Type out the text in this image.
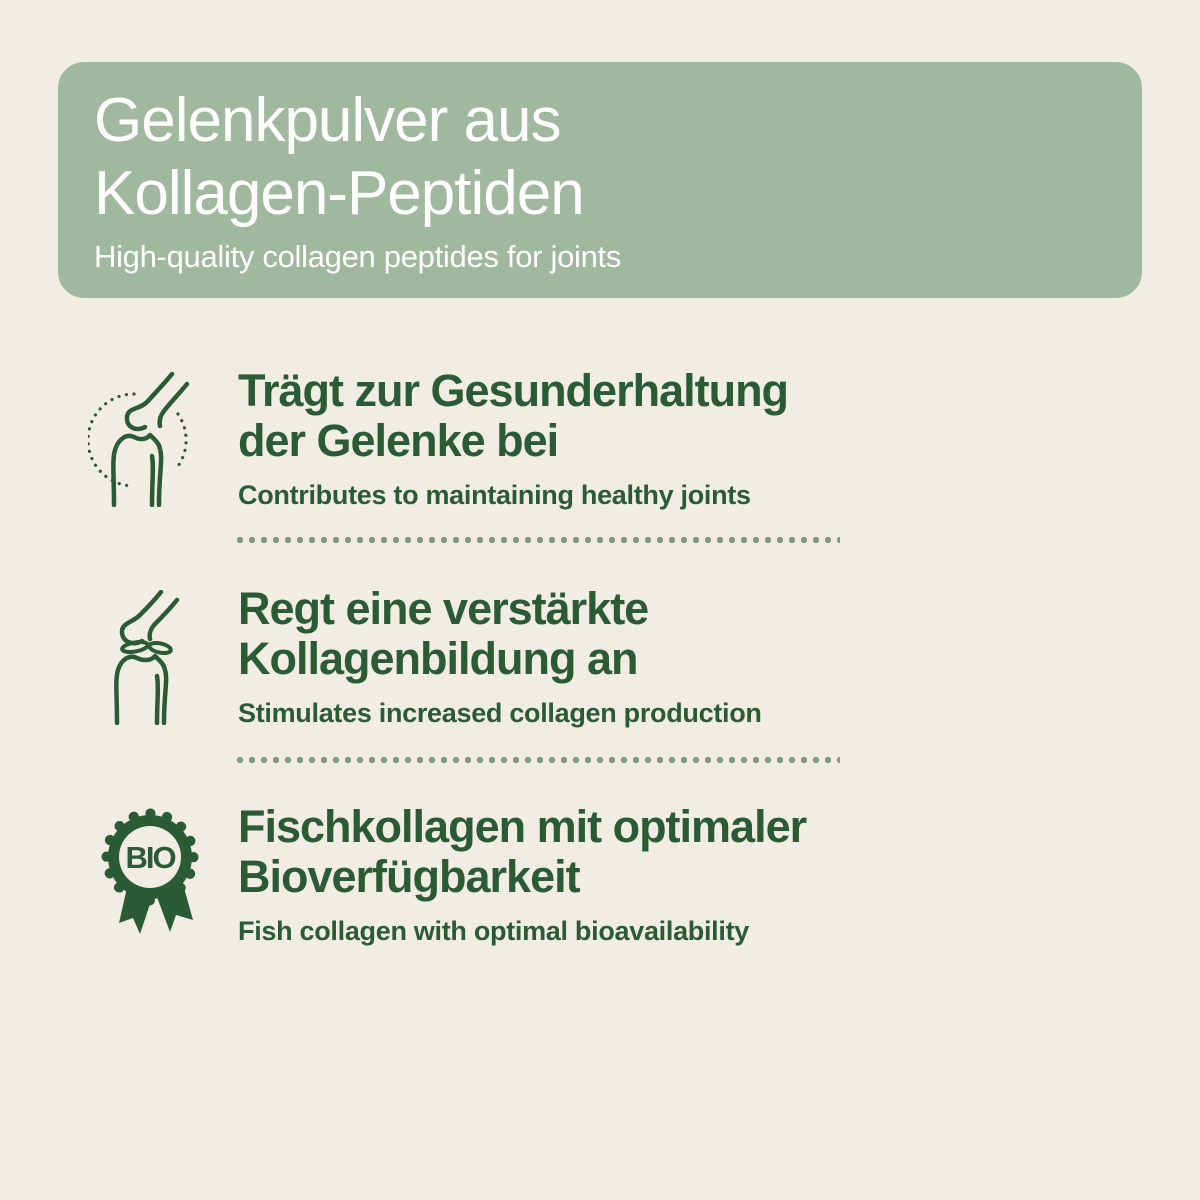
Gelenkpulver aus
Kollagen-Peptiden
High-quality collagen peptides for joints
Trägt zur Gesunderhaltung
der Gelenke bei
Contributes to maintaining healthy joints
Regt eine verstärkte
Kollagenbildung an
Stimulates increased collagen production
BIO
Fischkollagen mit optimaler
Bioverfügbarkeit
Fish collagen with optimal bioavailability
